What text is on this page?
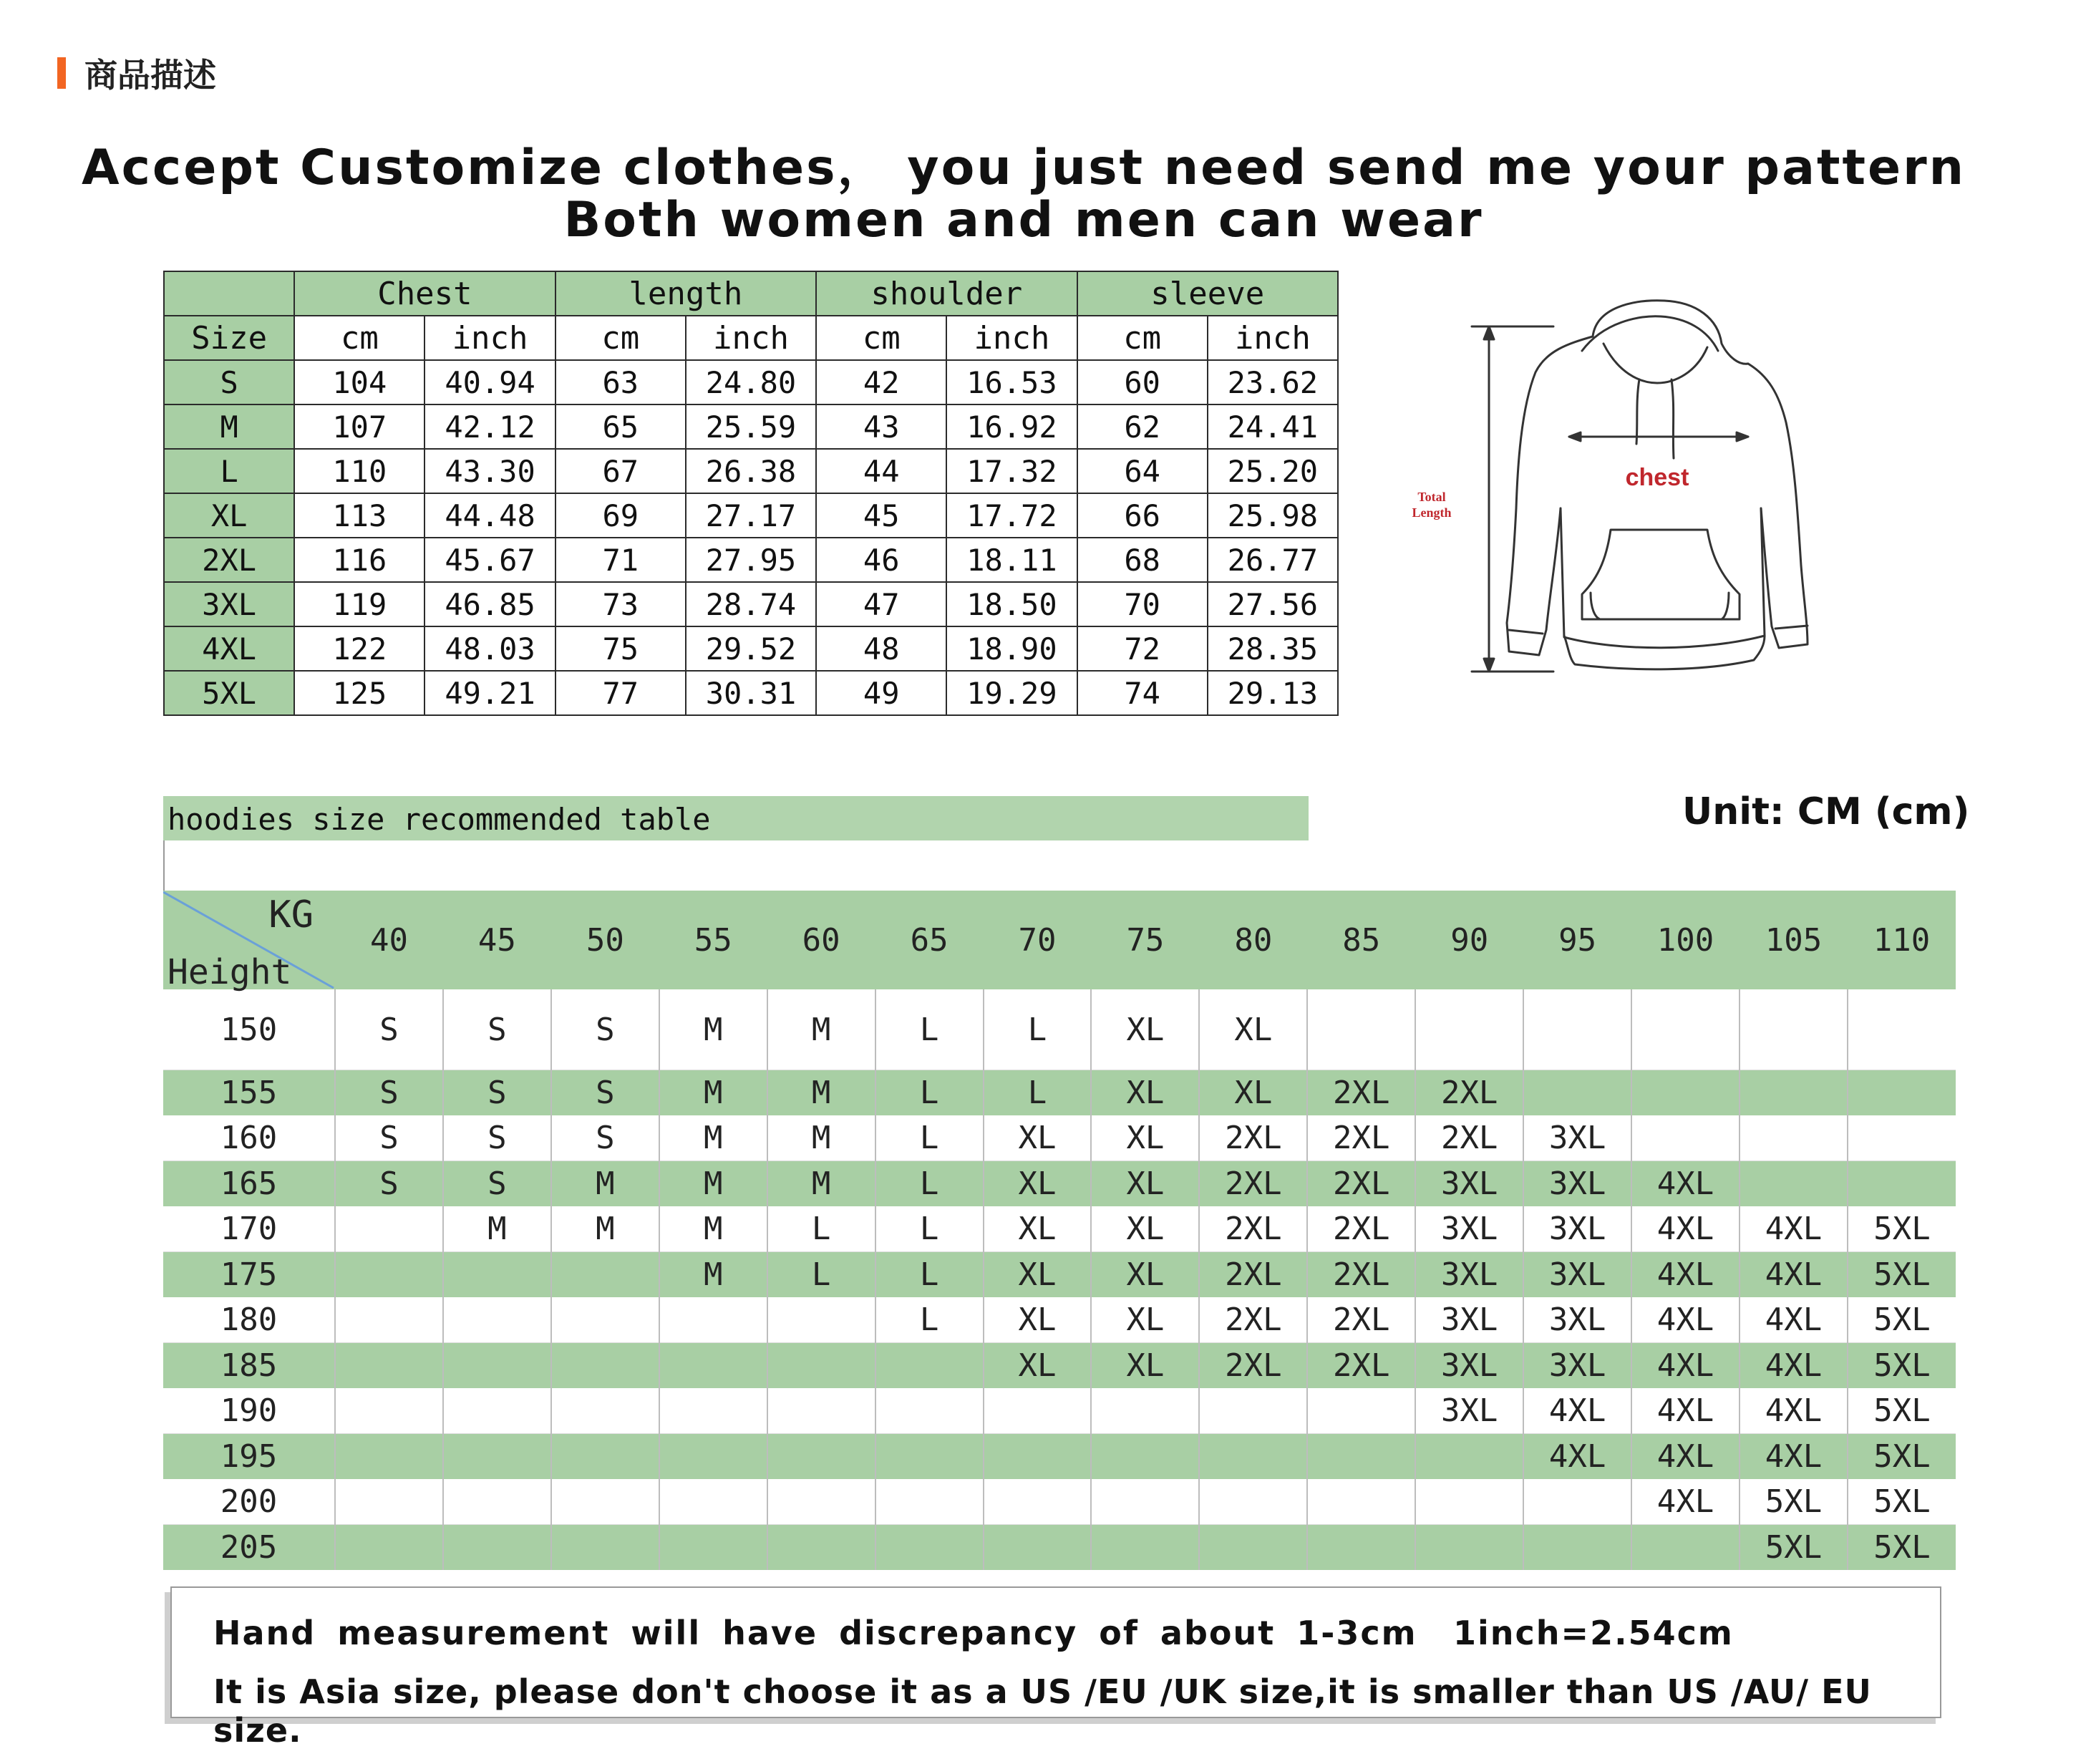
商品描述
Accept Customize clothes， you just need send me your pattern
Both women and men can wear
	Chest		length		shoulder		sleeve	
Size	cm	inch	cm	inch	cm	inch	cm	inch
S	104	40.94	63	24.80	42	16.53	60	23.62
M	107	42.12	65	25.59	43	16.92	62	24.41
L	110	43.30	67	26.38	44	17.32	64	25.20
XL	113	44.48	69	27.17	45	17.72	66	25.98
2XL	116	45.67	71	27.95	46	18.11	68	26.77
3XL	119	46.85	73	28.74	47	18.50	70	27.56
4XL	122	48.03	75	29.52	48	18.90	72	28.35
5XL	125	49.21	77	30.31	49	19.29	74	29.13
chest
Total
Length
hoodies size recommended table	Unit: CM (cm)
KG
Height	40	45	50	55	60	65	70	75	80	85	90	95	100	105	110
150	S	S	S	M	M	L	L	XL	XL						
155	S	S	S	M	M	L	L	XL	XL	2XL	2XL				
160	S	S	S	M	M	L	XL	XL	2XL	2XL	2XL	3XL			
165	S	S	M	M	M	L	XL	XL	2XL	2XL	3XL	3XL	4XL		
170		M	M	M	L	L	XL	XL	2XL	2XL	3XL	3XL	4XL	4XL	5XL
175				M	L	L	XL	XL	2XL	2XL	3XL	3XL	4XL	4XL	5XL
180						L	XL	XL	2XL	2XL	3XL	3XL	4XL	4XL	5XL
185							XL	XL	2XL	2XL	3XL	3XL	4XL	4XL	5XL
190											3XL	4XL	4XL	4XL	5XL
195												4XL	4XL	4XL	5XL
200													4XL	5XL	5XL
205														5XL	5XL
Hand measurement will have discrepancy of about 1-3cm 1inch=2.54cm
It is Asia size, please don't choose it as a US /EU /UK size,it is smaller than US /AU/ EU size.
